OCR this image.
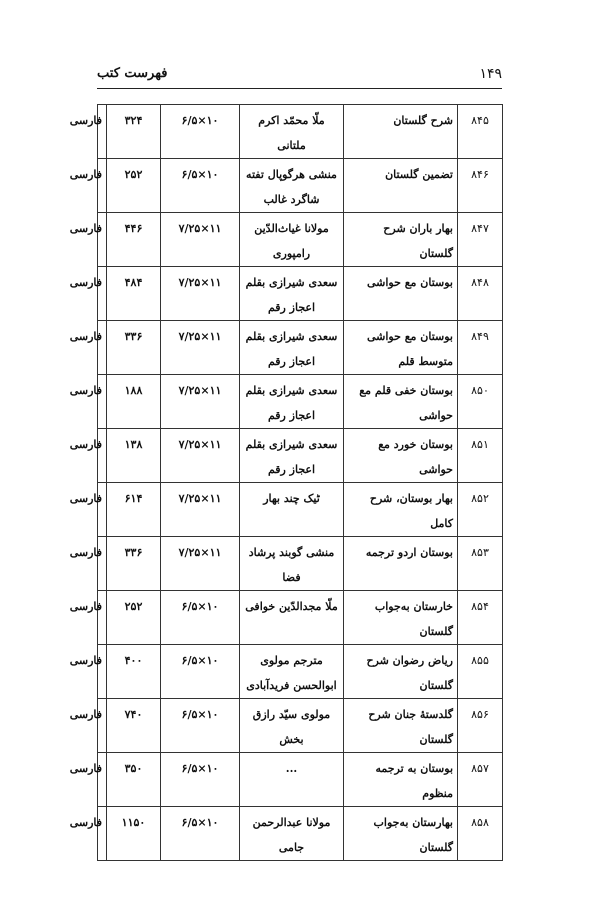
۱۴۹
فهرست کتب
۸۴۵	شرح گلستان	ملّا محمّد اکرم ملتانی	۱۰×۶/۵	۳۲۴	فارسی
۸۴۶	تضمین گلستان	منشی هرگوپال تفته شاگرد غالب	۱۰×۶/۵	۲۵۲	فارسی
۸۴۷	بهار باران شرح گلستان	مولانا غیاث‌الدّین رامپوری	۱۱×۷/۲۵	۴۴۶	فارسی
۸۴۸	بوستان مع حواشی	سعدی شیرازی بقلم اعجاز رقم	۱۱×۷/۲۵	۴۸۴	فارسی
۸۴۹	بوستان مع حواشی متوسط قلم	سعدی شیرازی بقلم اعجاز رقم	۱۱×۷/۲۵	۳۳۶	فارسی
۸۵۰	بوستان خفی قلم مع حواشی	سعدی شیرازی بقلم اعجاز رقم	۱۱×۷/۲۵	۱۸۸	فارسی
۸۵۱	بوستان خورد مع حواشی	سعدی شیرازی بقلم اعجاز رقم	۱۱×۷/۲۵	۱۳۸	فارسی
۸۵۲	بهار بوستان، شرح کامل	ٹیک چند بهار	۱۱×۷/۲۵	۶۱۴	فارسی
۸۵۳	بوستان اردو ترجمه	منشی گوبند پرشاد فضا	۱۱×۷/۲۵	۳۳۶	فارسی
۸۵۴	خارستان به‌جواب گلستان	ملّا مجدالدّین خوافی	۱۰×۶/۵	۲۵۲	فارسی
۸۵۵	ریاض رضوان شرح گلستان	مترجم مولوی ابوالحسن فریدآبادی	۱۰×۶/۵	۴۰۰	فارسی
۸۵۶	گلدستهٔ جنان شرح گلستان	مولوی سیّد رازق بخش	۱۰×۶/۵	۷۴۰	فارسی
۸۵۷	بوستان به ترجمه منظوم	...	۱۰×۶/۵	۳۵۰	فارسی
۸۵۸	بهارستان به‌جواب گلستان	مولانا عبدالرحمن جامی	۱۰×۶/۵	۱۱۵۰	فارسی
